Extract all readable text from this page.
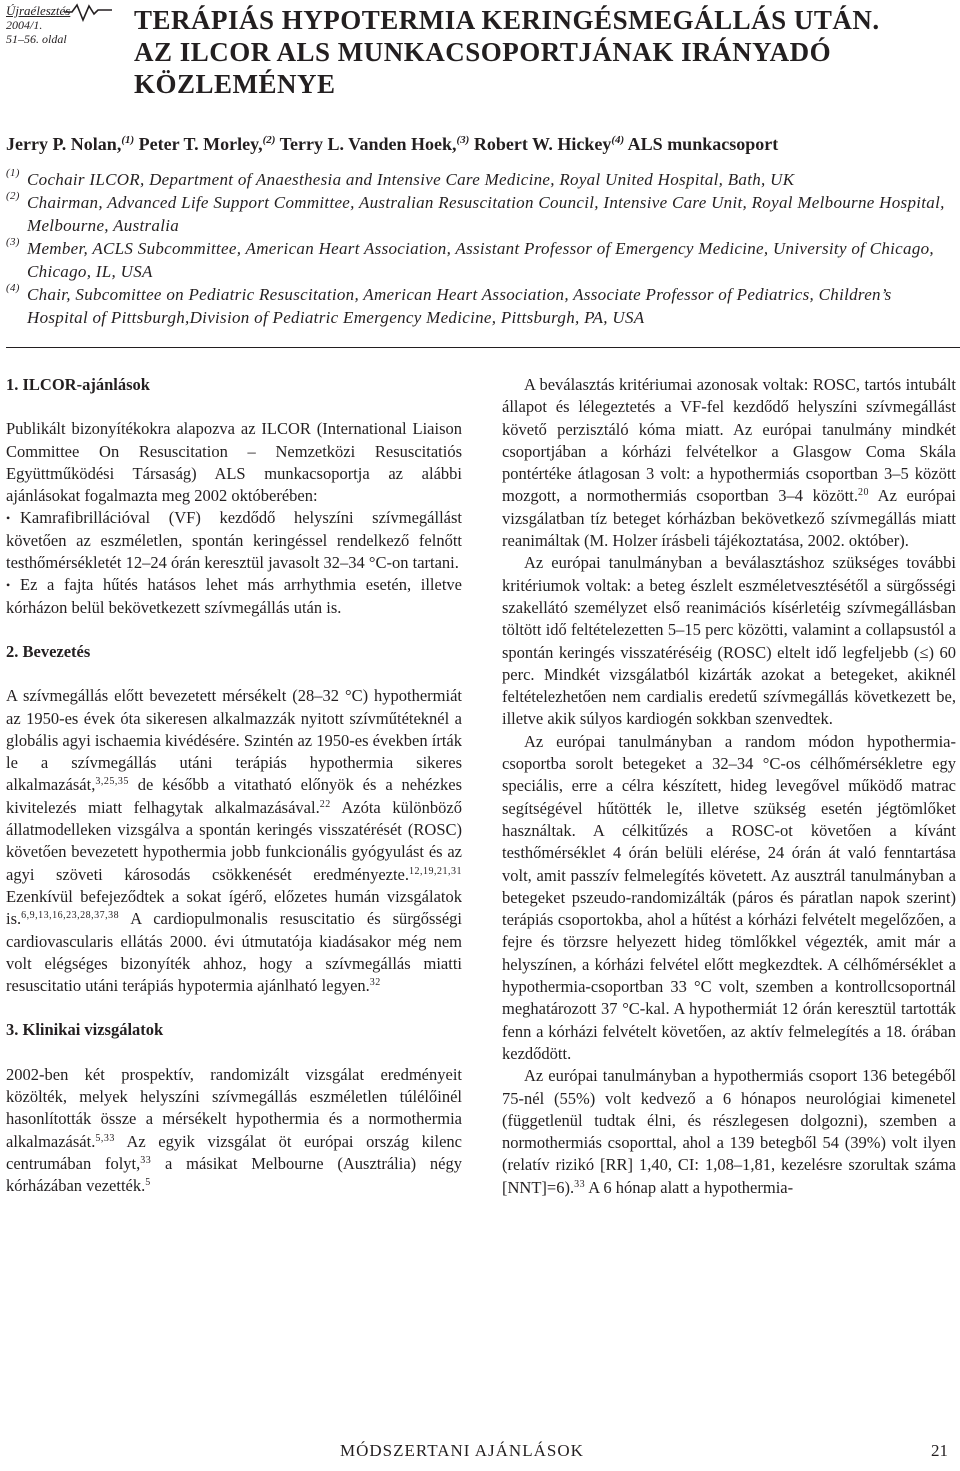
Újraélesztés
2004/1.
51–56. oldal
TERÁPIÁS HYPOTERMIA KERINGÉSMEGÁLLÁS UTÁN.
AZ ILCOR ALS MUNKACSOPORTJÁNAK IRÁNYADÓ
KÖZLEMÉNYE
Jerry P. Nolan,$^{(1)}$ Peter T. Morley,$^{(2)}$ Terry L. Vanden Hoek,$^{(3)}$ Robert W. Hickey$^{(4)}$ ALS munkacsoport

(1) Cochair ILCOR, Department of Anaesthesia and Intensive Care Medicine, Royal United Hospital, Bath, UK

(2) Chairman, Advanced Life Support Committee, Australian Resuscitation Council, Intensive Care Unit, Royal Melbourne Hospital, Melbourne, Australia

(3) Member, ACLS Subcommittee, American Heart Association, Assistant Professor of Emergency Medicine, University of Chicago, Chicago, IL, USA

(4) Chair, Subcomittee on Pediatric Resuscitation, American Heart Association, Associate Professor of Pediatrics, Children’s Hospital of Pittsburgh,Division of Pediatric Emergency Medicine, Pittsburgh, PA, USA

1. ILCOR-ajánlások

Publikált bizonyítékokra alapozva az ILCOR (International Liaison Committee On Resuscitation – Nemzetközi Resuscitatiós Együttműködési Társaság) ALS munkacsoportja az alábbi ajánlásokat fogalmazta meg 2002 októberében:

• Kamrafibrillációval (VF) kezdődő helyszíni szívmegállást követően az eszméletlen, spontán keringéssel rendelkező felnőtt testhőmérsékletét 12–24 órán keresztül javasolt 32–34 °C-on tartani.

• Ez a fajta hűtés hatásos lehet más arrhythmia esetén, illetve kórházon belül bekövetkezett szívmegállás után is.

2. Bevezetés

A szívmegállás előtt bevezetett mérsékelt (28–32 °C) hypothermiát az 1950-es évek óta sikeresen alkalmazzák nyitott szívműtéteknél a globális agyi ischaemia kivédésére. Szintén az 1950-es években írták le a szívmegállás utáni terápiás hypothermia sikeres alkalmazását,$^{3,25,35}$ de később a vitatható előnyök és a nehézkes kivitelezés miatt felhagytak alkalmazásával.$^{22}$ Azóta különböző állatmodelleken vizsgálva a spontán keringés visszatérését (ROSC) követően bevezetett hypothermia jobb funkcionális gyógyulást és az agyi szöveti károsodás csökkenését eredményezte.$^{12,19,21,31}$ Ezenkívül befejeződtek a sokat ígérő, előzetes humán vizsgálatok is.$^{6,9,13,16,23,28,37,38}$ A cardiopulmonalis resuscitatio és sürgősségi cardiovascularis ellátás 2000. évi útmutatója kiadásakor még nem volt elégséges bizonyíték ahhoz, hogy a szívmegállás miatti resuscitatio utáni terápiás hypotermia ajánlható legyen.$^{32}$

3. Klinikai vizsgálatok

2002-ben két prospektív, randomizált vizsgálat eredményeit közölték, melyek helyszíni szívmegállás eszméletlen túlélőinél hasonlították össze a mérsékelt hypothermia és a normothermia alkalmazását.$^{5,33}$ Az egyik vizsgálat öt európai ország kilenc centrumában folyt,$^{33}$ a másikat Melbourne (Ausztrália) négy kórházában vezették.$^5$

A beválasztás kritériumai azonosak voltak: ROSC, tartós intubált állapot és lélegeztetés a VF-fel kezdődő helyszíni szívmegállást követő perzisztáló kóma miatt. Az európai tanulmány mindkét csoportjában a kórházi felvételkor a Glasgow Coma Skála pontértéke átlagosan 3 volt: a hypothermiás csoportban 3–5 között mozgott, a normothermiás csoportban 3–4 között.$^{20}$ Az európai vizsgálatban tíz beteget kórházban bekövetkező szívmegállás miatt reanimáltak (M. Holzer írásbeli tájékoztatása, 2002. október).

Az európai tanulmányban a beválasztáshoz szükséges további kritériumok voltak: a beteg észlelt eszméletvesztésétől a sürgősségi szakellátó személyzet első reanimációs kísérletéig szívmegállásban töltött idő feltételezetten 5–15 perc közötti, valamint a collapsustól a spontán keringés visszatéréséig (ROSC) eltelt idő legfeljebb (≤) 60 perc. Mindkét vizsgálatból kizárták azokat a betegeket, akiknél feltételezhetően nem cardialis eredetű szívmegállás következett be, illetve akik súlyos kardiogén sokkban szenvedtek.

Az európai tanulmányban a random módon hypothermia-csoportba sorolt betegeket a 32–34 °C-os célhőmérsékletre egy speciális, erre a célra készített, hideg levegővel működő matrac segítségével hűtötték le, illetve szükség esetén jégtömlőket használtak. A célkitűzés a ROSC-ot követően a kívánt testhőmérséklet 4 órán belüli elérése, 24 órán át való fenntartása volt, amit passzív felmelegítés követett. Az ausztrál tanulmányban a betegeket pszeudo-randomizálták (páros és páratlan napok szerint) terápiás csoportokba, ahol a hűtést a kórházi felvételt megelőzően, a fejre és törzsre helyezett hideg tömlőkkel végezték, amit már a helyszínen, a kórházi felvétel előtt megkezdtek. A célhőmérséklet a hypothermia-csoportban 33 °C volt, szemben a kontrollcsoportnál meghatározott 37 °C-kal. A hypothermiát 12 órán keresztül tartották fenn a kórházi felvételt követően, az aktív felmelegítés a 18. órában kezdődött.

Az európai tanulmányban a hypothermiás csoport 136 betegéből 75-nél (55%) volt kedvező a 6 hónapos neurológiai kimenetel (függetlenül tudtak élni, és részlegesen dolgozni), szemben a normothermiás csoporttal, ahol a 139 betegből 54 (39%) volt ilyen (relatív rizikó [RR] 1,40, CI: 1,08–1,81, kezelésre szorultak száma [NNT]=6).$^{33}$ A 6 hónap alatt a hypothermia-

MÓDSZERTANI AJÁNLÁSOK	21
